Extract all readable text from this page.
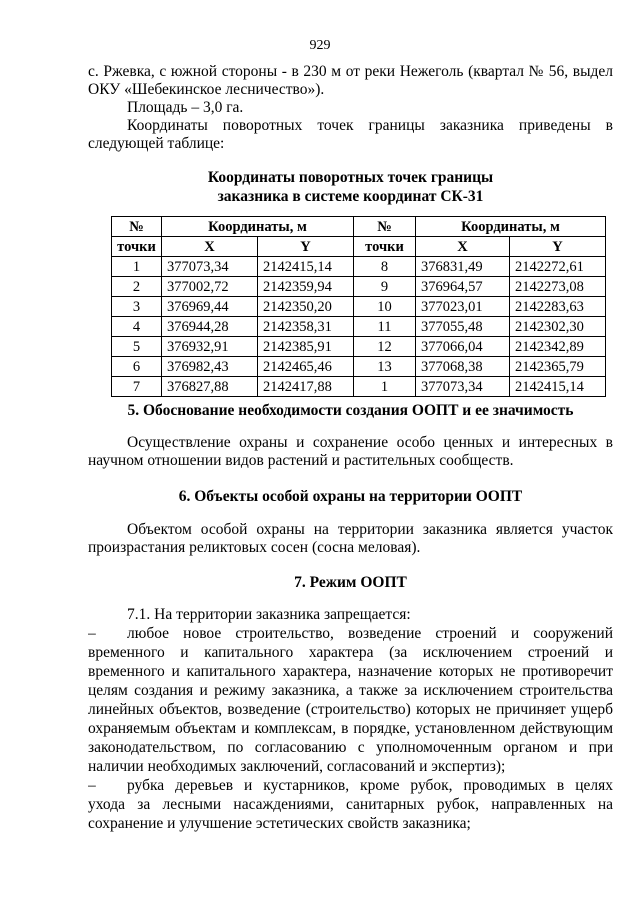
929
с. Ржевка, с южной стороны - в 230 м от реки Нежеголь (квартал № 56, выдел
ОКУ «Шебекинское лесничество»).
Площадь – 3,0 га.
Координаты поворотных точек границы заказника приведены в
следующей таблице:
Координаты поворотных точек границы
заказника в системе координат СК-31
№	Координаты, м		№	Координаты, м	
точки	X	Y	точки	X	Y
1	377073,34	2142415,14	8	376831,49	2142272,61
2	377002,72	2142359,94	9	376964,57	2142273,08
3	376969,44	2142350,20	10	377023,01	2142283,63
4	376944,28	2142358,31	11	377055,48	2142302,30
5	376932,91	2142385,91	12	377066,04	2142342,89
6	376982,43	2142465,46	13	377068,38	2142365,79
7	376827,88	2142417,88	1	377073,34	2142415,14
5. Обоснование необходимости создания ООПТ и ее значимость
Осуществление охраны и сохранение особо ценных и интересных в
научном отношении видов растений и растительных сообществ.
6. Объекты особой охраны на территории ООПТ
Объектом особой охраны на территории заказника является участок
произрастания реликтовых сосен (сосна меловая).
7. Режим ООПТ
7.1. На территории заказника запрещается:
– любое новое строительство, возведение строений и сооружений
временного и капитального характера (за исключением строений и
временного и капитального характера, назначение которых не противоречит
целям создания и режиму заказника, а также за исключением строительства
линейных объектов, возведение (строительство) которых не причиняет ущерб
охраняемым объектам и комплексам, в порядке, установленном действующим
законодательством, по согласованию с уполномоченным органом и при
наличии необходимых заключений, согласований и экспертиз);
– рубка деревьев и кустарников, кроме рубок, проводимых в целях
ухода за лесными насаждениями, санитарных рубок, направленных на
сохранение и улучшение эстетических свойств заказника;
